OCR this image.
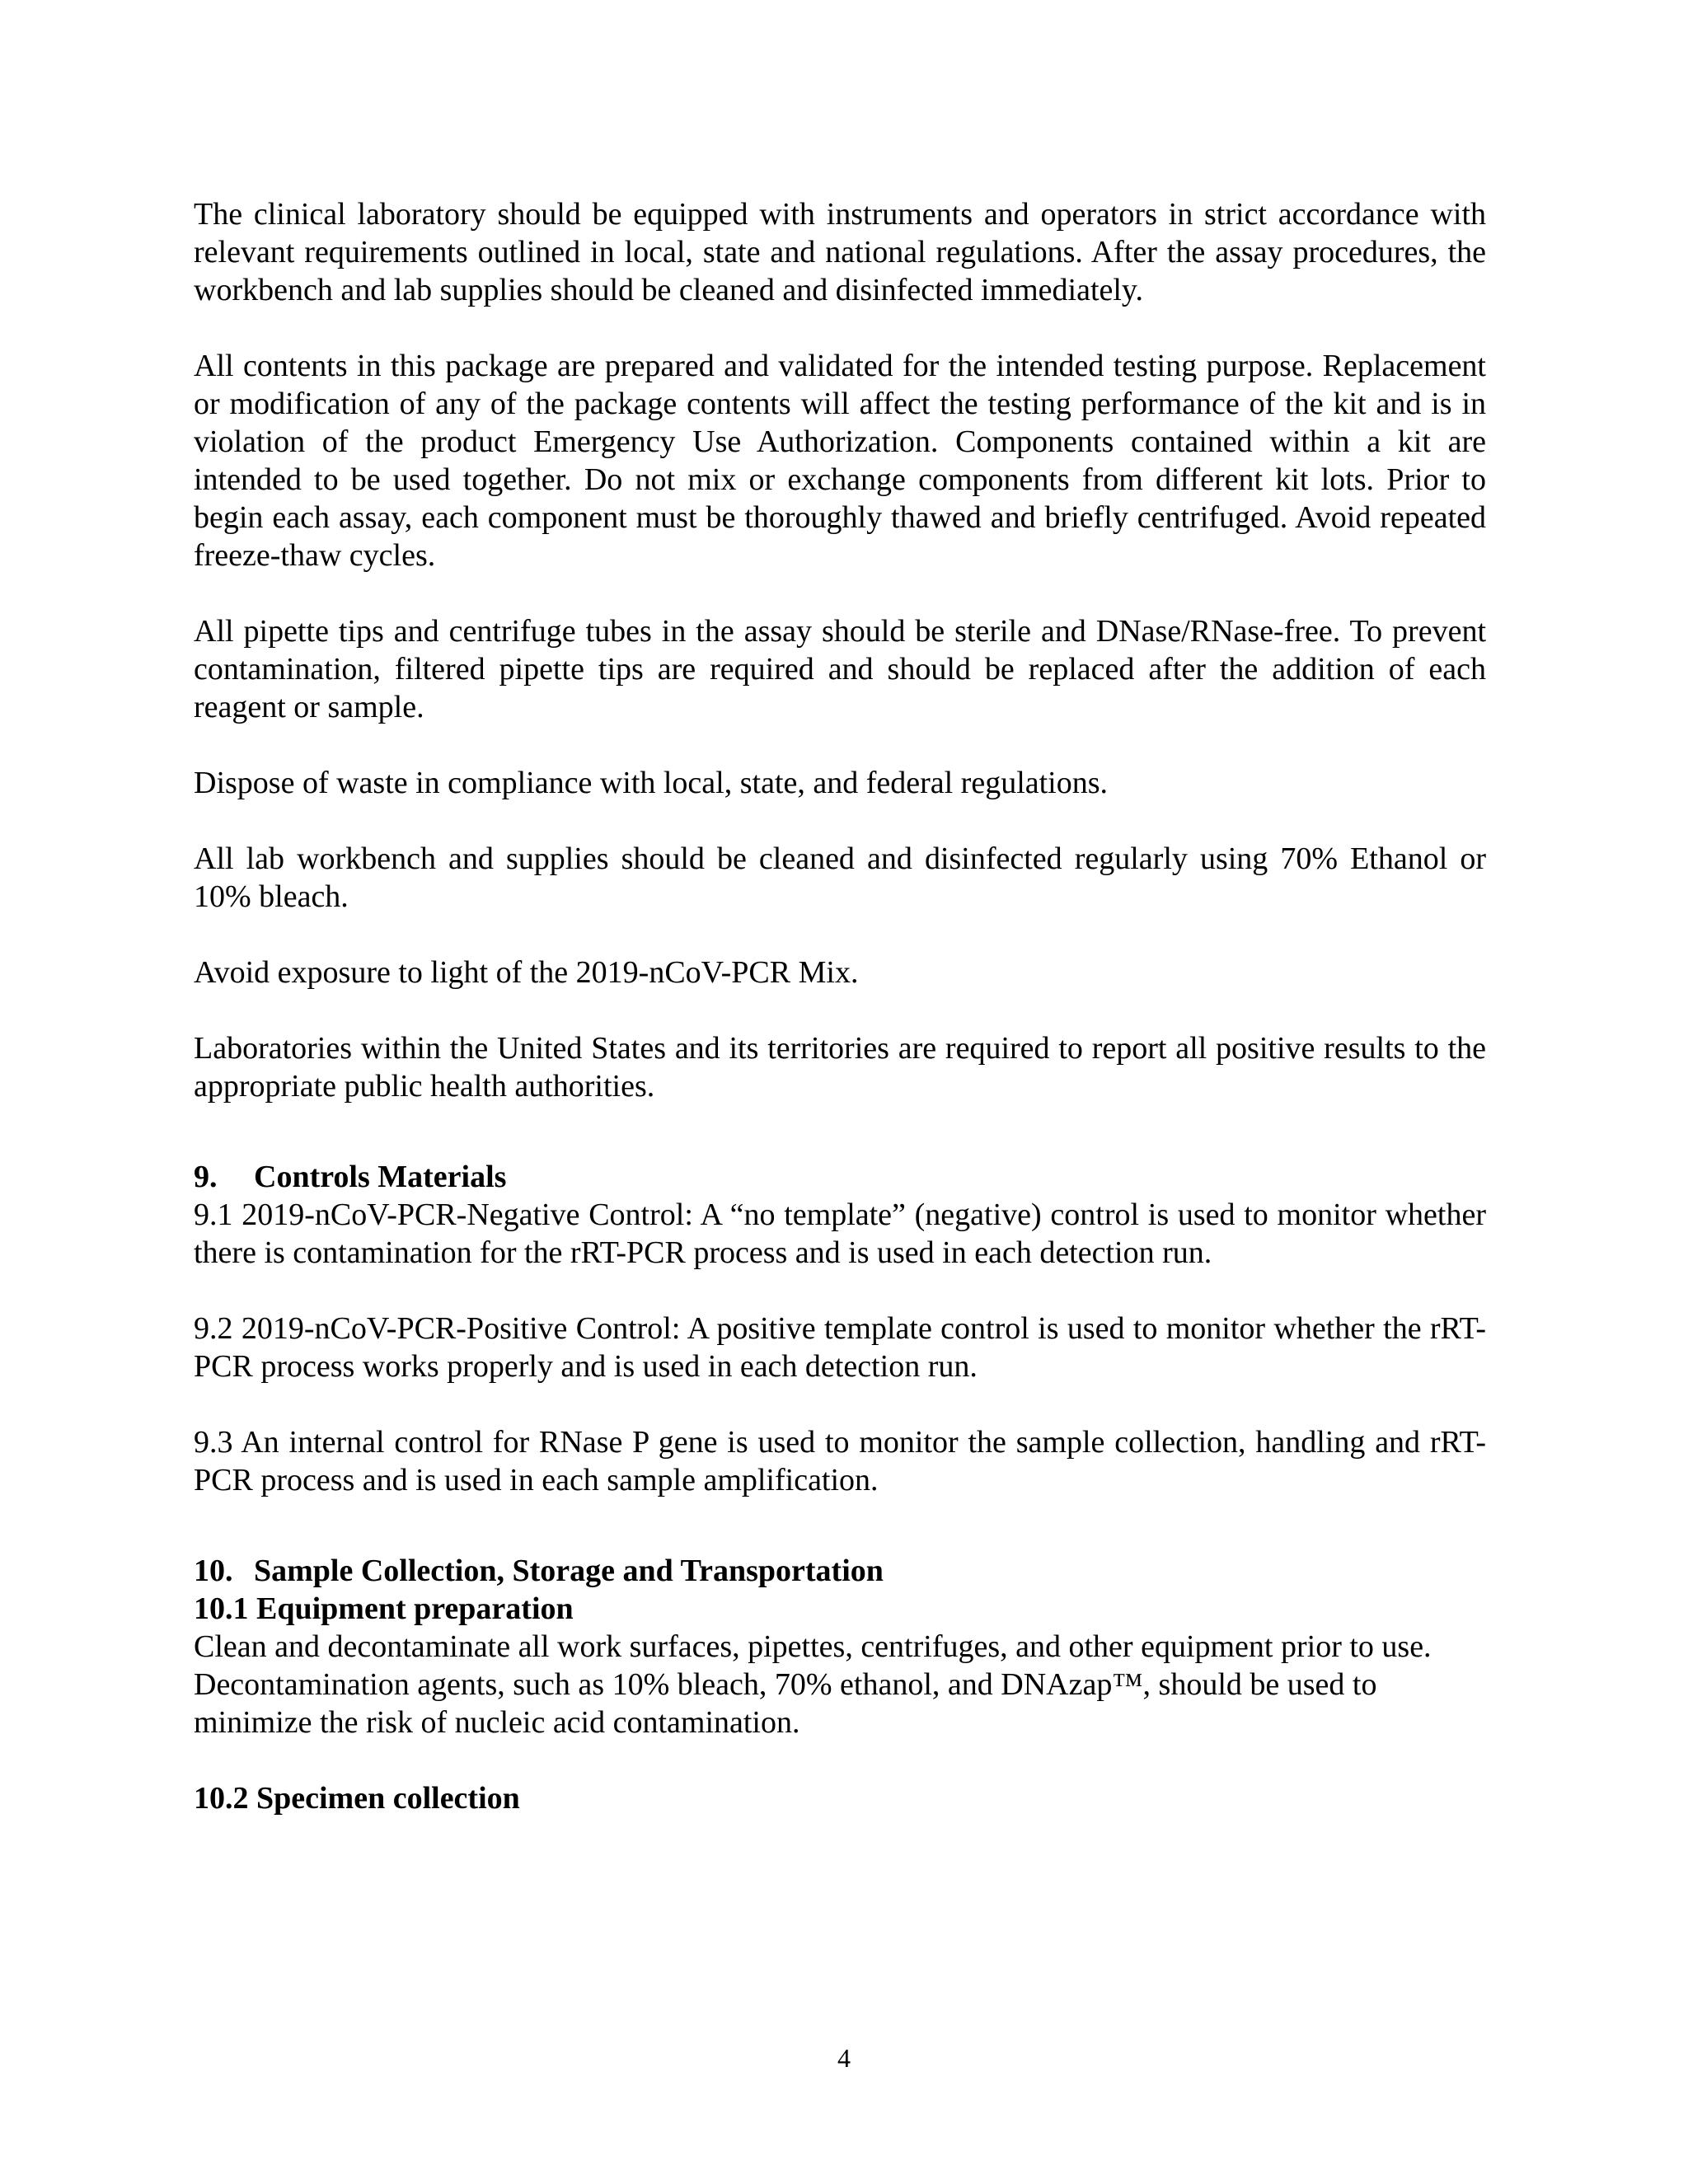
The clinical laboratory should be equipped with instruments and operators in strict accordance with relevant requirements outlined in local, state and national regulations. After the assay procedures, the workbench and lab supplies should be cleaned and disinfected immediately.

All contents in this package are prepared and validated for the intended testing purpose. Replacement or modification of any of the package contents will affect the testing performance of the kit and is in violation of the product Emergency Use Authorization. Components contained within a kit are intended to be used together. Do not mix or exchange components from different kit lots. Prior to begin each assay, each component must be thoroughly thawed and briefly centrifuged. Avoid repeated freeze-thaw cycles.

All pipette tips and centrifuge tubes in the assay should be sterile and DNase/RNase-free. To prevent contamination, filtered pipette tips are required and should be replaced after the addition of each reagent or sample.

Dispose of waste in compliance with local, state, and federal regulations.

All lab workbench and supplies should be cleaned and disinfected regularly using 70% Ethanol or 10% bleach.

Avoid exposure to light of the 2019-nCoV-PCR Mix.

Laboratories within the United States and its territories are required to report all positive results to the appropriate public health authorities.

9. Controls Materials

9.1 2019-nCoV-PCR-Negative Control: A “no template” (negative) control is used to monitor whether there is contamination for the rRT-PCR process and is used in each detection run.

9.2 2019-nCoV-PCR-Positive Control: A positive template control is used to monitor whether the rRT-PCR process works properly and is used in each detection run.

9.3 An internal control for RNase P gene is used to monitor the sample collection, handling and rRT-PCR process and is used in each sample amplification.

10. Sample Collection, Storage and Transportation
10.1 Equipment preparation

Clean and decontaminate all work surfaces, pipettes, centrifuges, and other equipment prior to use. Decontamination agents, such as 10% bleach, 70% ethanol, and DNAzap™, should be used to minimize the risk of nucleic acid contamination.

10.2 Specimen collection
4
